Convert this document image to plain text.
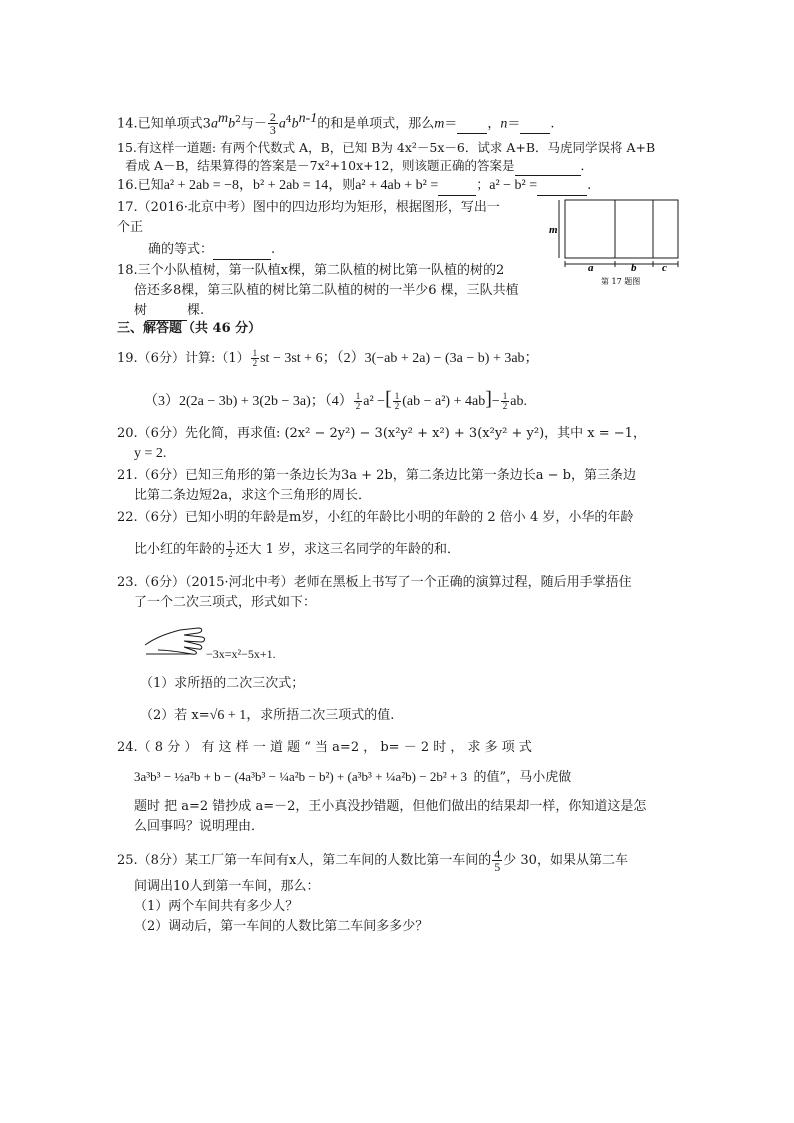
14.已知单项式$3a^mb^2$与－ $\frac{2}{3} a^4b^{n-1}$的和是单项式，那么m＝ ，n＝ .
15.有这样一道题: 有两个代数式 A，B，已知 B为 4x²－5x－6．试求 A+B．马虎同学误将 A+B
看成 A－B，结果算得的答案是－7x²+10x+12，则该题正确的答案是	．
16.已知a² + 2ab = −8，b² + 2ab = 14，则a² + 4ab + b² =	；a² − b² =	.
17.（2016·北京中考）图中的四边形均为矩形，根据图形，写出一
个正
确的等式：	.
m
a	b c
第 17 题图
18.三个小队植树，第一队植x棵，第二队植的树比第一队植的树的2
倍还多8棵，第三队植的树比第二队植的树的一半少6 棵，三队共植
树	棵.
三、解答题（共 46 分）
19.（6分）计算:（1） $\frac{1}{2}$ st − 3st + 6；（2）3(−ab + 2a) − (3a − b) + 3ab；
（3）2(2a − 3b) + 3(2b − 3a)；$(4) \frac{1}{2} a^2$ −[ $\frac{1}{2} (ab - a^2) + 4ab]- \frac{1}{2}$ ab.
20.（6分）先化简，再求值: (2x² − 2y²) − 3(x²y² + x²) + 3(x²y² + y²)，其中 x = −1，
y = 2.
21.（6分）已知三角形的第一条边长为3a + 2b，第二条边比第一条边长a − b，第三条边
比第二条边短2a，求这个三角形的周长．
22.（6分）已知小明的年龄是m岁，小红的年龄比小明的年龄的 2 倍小 4 岁，小华的年龄
比小红的年龄的 $\frac{1}{2}$ 还大 1 岁，求这三名同学的年龄的和．
23.（6分）（2015·河北中考）老师在黑板上书写了一个正确的演算过程，随后用手掌捂住
了一个二次三项式，形式如下：
−3x=x²−5x+1.
（1）求所捂的二次三次式；
（2）若 x=√6 + 1，求所捂二次三项式的值.
24.（ 8 分 ） 有 这 样 一 道 题 “ 当 a=2 ， b= － 2 时 ， 求 多 项 式
3a³b³ − ½a²b + b − (4a³b³ − ¼a²b − b²) + (a³b³ + ¼a²b) − 2b² + 3 的值”，马小虎做
题时 把 a=2 错抄成 a=－2，王小真没抄错题，但他们做出的结果却一样，你知道这是怎
么回事吗？说明理由．
25.（8分）某工厂第一车间有x人，第二车间的人数比第一车间的 $\frac{4}{5}$ 少 30，如果从第二车
间调出10人到第一车间，那么：
（1）两个车间共有多少人？
（2）调动后，第一车间的人数比第二车间多多少？
